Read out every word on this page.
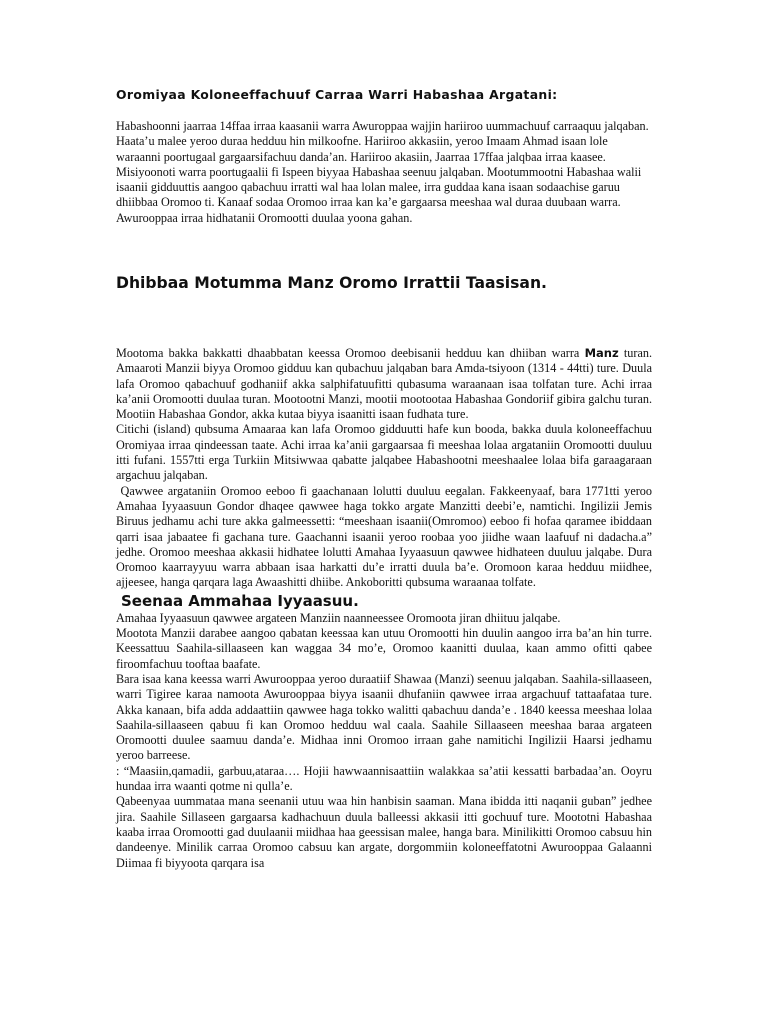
Oromiyaa Koloneeffachuuf Carraa Warri Habashaa Argatani:

Habashoonni jaarraa 14ffaa irraa kaasanii warra Awuroppaa wajjin hariiroo uummachuuf carraaquu jalqaban. Haata’u malee yeroo duraa hedduu hin milkoofne. Hariiroo akkasiin, yeroo Imaam Ahmad isaan lole waraanni poortugaal gargaarsifachuu danda’an. Hariiroo akasiin, Jaarraa 17ffaa jalqbaa irraa kaasee. Misiyoonoti warra poortugaalii fi Ispeen biyyaa Habashaa seenuu jalqaban. Mootummootni Habashaa walii isaanii gidduuttis aangoo qabachuu irratti wal haa lolan malee, irra guddaa kana isaan sodaachise garuu dhiibbaa Oromoo ti. Kanaaf sodaa Oromoo irraa kan ka’e gargaarsa meeshaa wal duraa duubaan warra. Awurooppaa irraa hidhatanii Oromootti duulaa yoona gahan.

Dhibbaa Motumma Manz Oromo Irrattii Taasisan.

Mootoma bakka bakkatti dhaabbatan keessa Oromoo deebisanii hedduu kan dhiiban warra Manz turan. Amaaroti Manzii biyya Oromoo gidduu kan qubachuu jalqaban bara Amda-tsiyoon (1314 - 44tti) ture. Duula lafa Oromoo qabachuuf godhaniif akka salphifatuufitti qubasuma waraanaan isaa tolfatan ture. Achi irraa ka’anii Oromootti duulaa turan. Mootootni Manzi, mootii mootootaa Habashaa Gondoriif gibira galchu turan. Mootiin Habashaa Gondor, akka kutaa biyya isaanitti isaan fudhata ture.

Citichi (island) qubsuma Amaaraa kan lafa Oromoo gidduutti hafe kun booda, bakka duula koloneeffachuu Oromiyaa irraa qindeessan taate. Achi irraa ka’anii gargaarsaa fi meeshaa lolaa argataniin Oromootti duuluu itti fufani. 1557tti erga Turkiin Mitsiwwaa qabatte jalqabee Habashootni meeshaalee lolaa bifa garaagaraan argachuu jalqaban.

Qawwee argataniin Oromoo eeboo fi gaachanaan lolutti duuluu eegalan. Fakkeenyaaf, bara 1771tti yeroo Amahaa Iyyaasuun Gondor dhaqee qawwee haga tokko argate Manzitti deebi’e, namtichi. Ingilizii Jemis Biruus jedhamu achi ture akka galmeessetti: “meeshaan isaanii(Omromoo) eeboo fi hofaa qaramee ibiddaan qarri isaa jabaatee fi gachana ture. Gaachanni isaanii yeroo roobaa yoo jiidhe waan laafuuf ni dadacha.a” jedhe. Oromoo meeshaa akkasii hidhatee lolutti Amahaa Iyyaasuun qawwee hidhateen duuluu jalqabe. Dura Oromoo kaarrayyuu warra abbaan isaa harkatti du’e irratti duula ba’e. Oromoon karaa hedduu miidhee, ajjeesee, hanga qarqara laga Awaashitti dhiibe. Ankoboritti qubsuma waraanaa tolfate.

Seenaa Ammahaa Iyyaasuu.

Amahaa Iyyaasuun qawwee argateen Manziin naanneessee Oromoota jiran dhiituu jalqabe.

Mootota Manzii darabee aangoo qabatan keessaa kan utuu Oromootti hin duulin aangoo irra ba’an hin turre. Keessattuu Saahila-sillaaseen kan waggaa 34 mo’e, Oromoo kaanitti duulaa, kaan ammo ofitti qabee firoomfachuu tooftaa baafate.

Bara isaa kana keessa warri Awurooppaa yeroo duraatiif Shawaa (Manzi) seenuu jalqaban. Saahila-sillaaseen, warri Tigiree karaa namoota Awurooppaa biyya isaanii dhufaniin qawwee irraa argachuuf tattaafataa ture. Akka kanaan, bifa adda addaattiin qawwee haga tokko walitti qabachuu danda’e . 1840 keessa meeshaa lolaa Saahila-sillaaseen qabuu fi kan Oromoo hedduu wal caala. Saahile Sillaaseen meeshaa baraa argateen Oromootti duulee saamuu danda’e. Midhaa inni Oromoo irraan gahe namitichi Ingilizii Haarsi jedhamu yeroo barreese.

: “Maasiin,qamadii, garbuu,ataraa…. Hojii hawwaannisaattiin walakkaa sa’atii kessatti barbadaa’an. Ooyru hundaa irra waanti qotme ni qulla’e.

Qabeenyaa uummataa mana seenanii utuu waa hin hanbisin saaman. Mana ibidda itti naqanii guban” jedhee jira. Saahile Sillaseen gargaarsa kadhachuun duula balleessi akkasii itti gochuuf ture. Moototni Habashaa kaaba irraa Oromootti gad duulaanii miidhaa haa geessisan malee, hanga bara. Minilikitti Oromoo cabsuu hin dandeenye. Minilik carraa Oromoo cabsuu kan argate, dorgommiin koloneeffatotni Awurooppaa Galaanni Diimaa fi biyyoota qarqara isa
